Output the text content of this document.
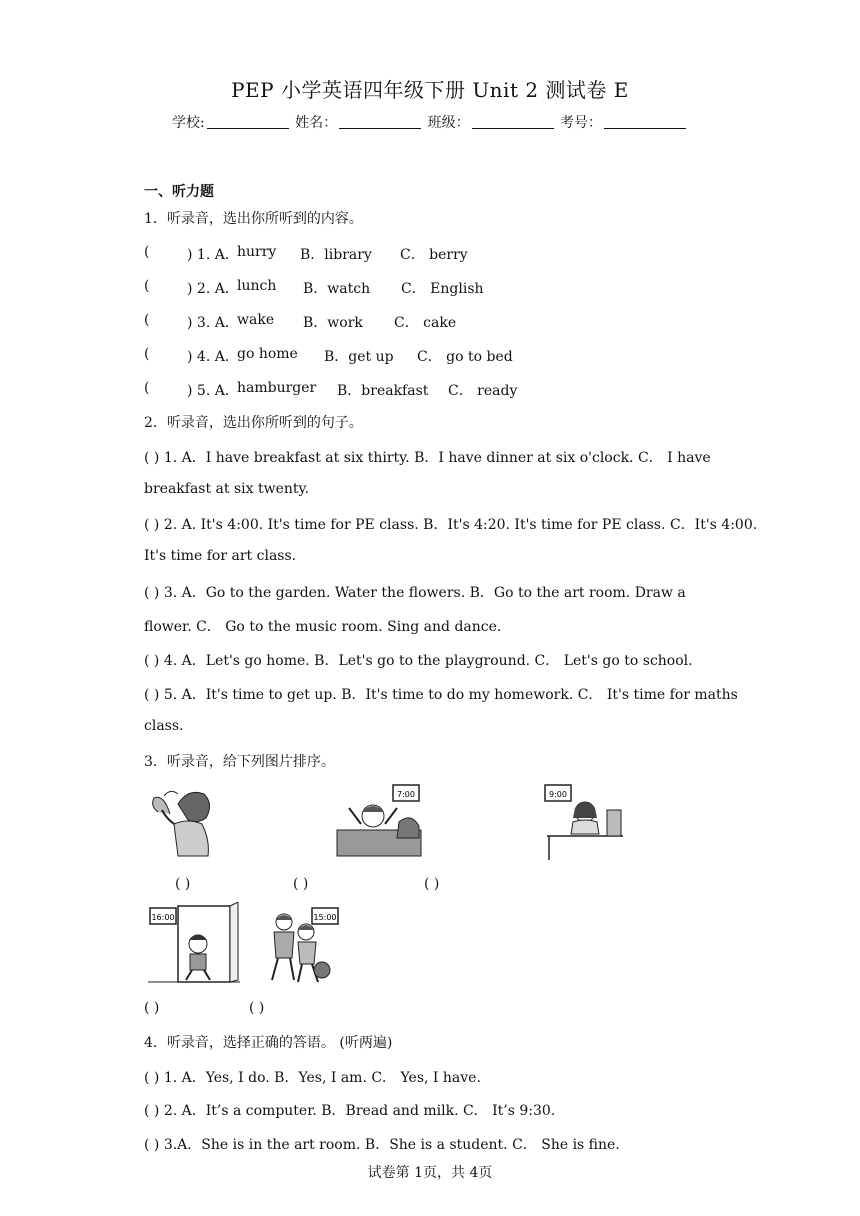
PEP 小学英语四年级下册 Unit 2 测试卷 E
学校:	姓名：	班级：	考号：
一、听力题
1．听录音，选出你所听到的内容。
(	) 1. A．
hurry B．library C． berry
(	) 2. A．
lunch B．watch C． English
(	) 3. A．
wake B．work C． cake
(	) 4. A．
go home B．get up C． go to bed
(	) 5. A．
hamburger B．breakfast C． ready
2．听录音，选出你所听到的句子。
( ) 1. A．I have breakfast at six thirty. B．I have dinner at six o'clock. C． I have
breakfast at six twenty.
( ) 2. A. It's 4:00. It's time for PE class. B．It's 4:20. It's time for PE class. C．It's 4:00.
It's time for art class.
( ) 3. A．Go to the garden. Water the flowers. B．Go to the art room. Draw a
flower. C． Go to the music room. Sing and dance.
( ) 4. A．Let's go home. B．Let's go to the playground. C． Let's go to school.
( ) 5. A．It's time to get up. B．It's time to do my homework. C． It's time for maths
class.
3．听录音，给下列图片排序。
7:00	9:00
( )	( )	( )
16:00	15:00
( )	( )
4．听录音，选择正确的答语。 (听两遍)
( ) 1. A．Yes, I do. B．Yes, I am. C． Yes, I have.
( ) 2. A．It’s a computer. B．Bread and milk. C． It’s 9:30.
( ) 3.A．She is in the art room. B．She is a student. C． She is fine.
试卷第 1页，共 4页
